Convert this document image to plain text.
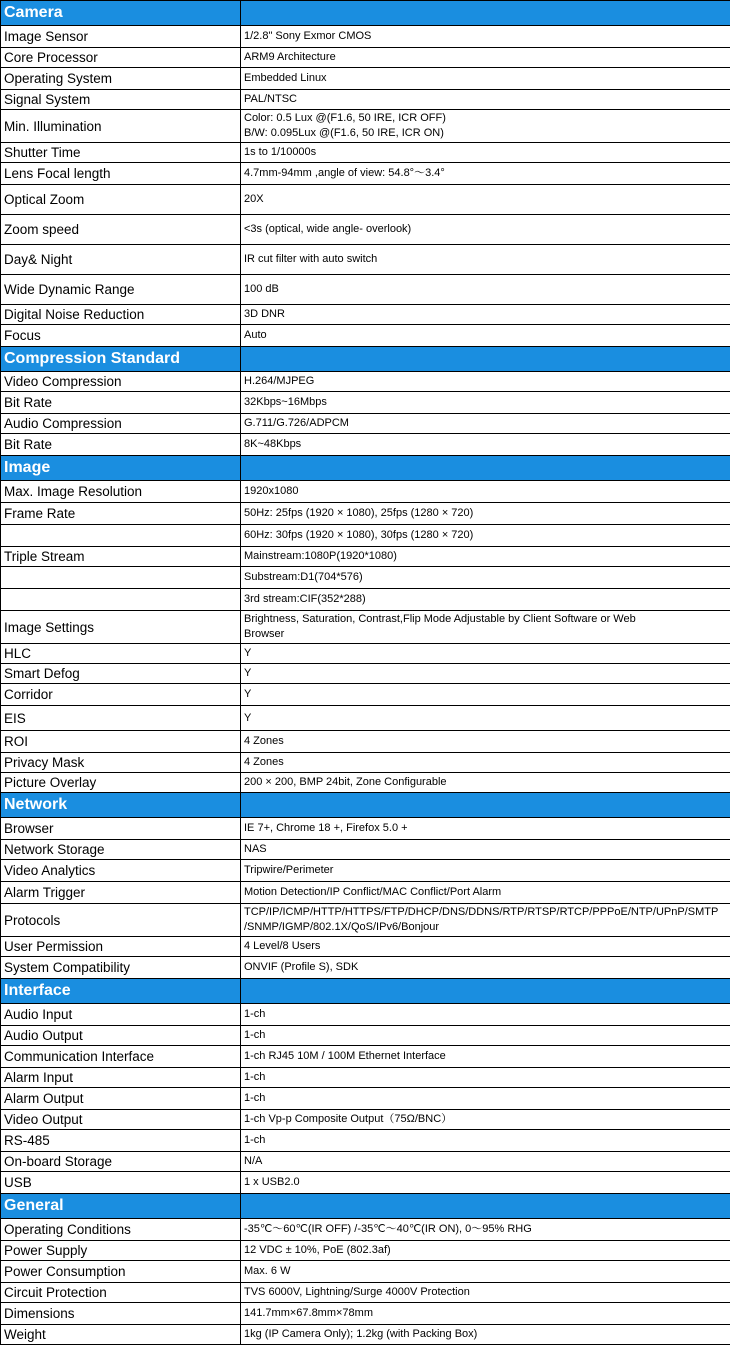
Camera	
Image Sensor	1/2.8" Sony Exmor CMOS
Core Processor	ARM9 Architecture
Operating System	Embedded Linux
Signal System	PAL/NTSC
Min. Illumination	Color: 0.5 Lux @(F1.6, 50 IRE, ICR OFF)
B/W: 0.095Lux @(F1.6, 50 IRE, ICR ON)

Shutter Time	1s to 1/10000s
Lens Focal length	4.7mm-94mm ,angle of view: 54.8°～3.4°
Optical Zoom	20X
Zoom speed	<3s (optical, wide angle- overlook)
Day& Night	IR cut filter with auto switch
Wide Dynamic Range	100 dB
Digital Noise Reduction	3D DNR
Focus	Auto
Compression Standard	
Video Compression	H.264/MJPEG
Bit Rate	32Kbps~16Mbps
Audio Compression	G.711/G.726/ADPCM
Bit Rate	8K~48Kbps
Image	
Max. Image Resolution	1920x1080
Frame Rate	50Hz: 25fps (1920 × 1080), 25fps (1280 × 720)
	60Hz: 30fps (1920 × 1080), 30fps (1280 × 720)
Triple Stream	Mainstream:1080P(1920*1080)
	Substream:D1(704*576)
	3rd stream:CIF(352*288)
Image Settings	Brightness, Saturation, Contrast,Flip Mode Adjustable by Client Software or Web
Browser

HLC	Y
Smart Defog	Y
Corridor	Y
EIS	Y
ROI	4 Zones
Privacy Mask	4 Zones
Picture Overlay	200 × 200, BMP 24bit, Zone Configurable
Network	
Browser	IE 7+, Chrome 18 +, Firefox 5.0 +
Network Storage	NAS
Video Analytics	Tripwire/Perimeter
Alarm Trigger	Motion Detection/IP Conflict/MAC Conflict/Port Alarm
Protocols	TCP/IP/ICMP/HTTP/HTTPS/FTP/DHCP/DNS/DDNS/RTP/RTSP/RTCP/PPPoE/NTP/UPnP/SMTP
/SNMP/IGMP/802.1X/QoS/IPv6/Bonjour

User Permission	4 Level/8 Users
System Compatibility	ONVIF (Profile S), SDK
Interface	
Audio Input	1-ch
Audio Output	1-ch
Communication Interface	1-ch RJ45 10M / 100M Ethernet Interface
Alarm Input	1-ch
Alarm Output	1-ch
Video Output	1-ch Vp-p Composite Output（75Ω/BNC）
RS-485	1-ch
On-board Storage	N/A
USB	1 x USB2.0
General	
Operating Conditions	-35℃～60℃(IR OFF) /-35℃～40℃(IR ON), 0～95% RHG
Power Supply	12 VDC ± 10%, PoE (802.3af)
Power Consumption	Max. 6 W
Circuit Protection	TVS 6000V, Lightning/Surge 4000V Protection
Dimensions	141.7mm×67.8mm×78mm
Weight	1kg (IP Camera Only); 1.2kg (with Packing Box)
